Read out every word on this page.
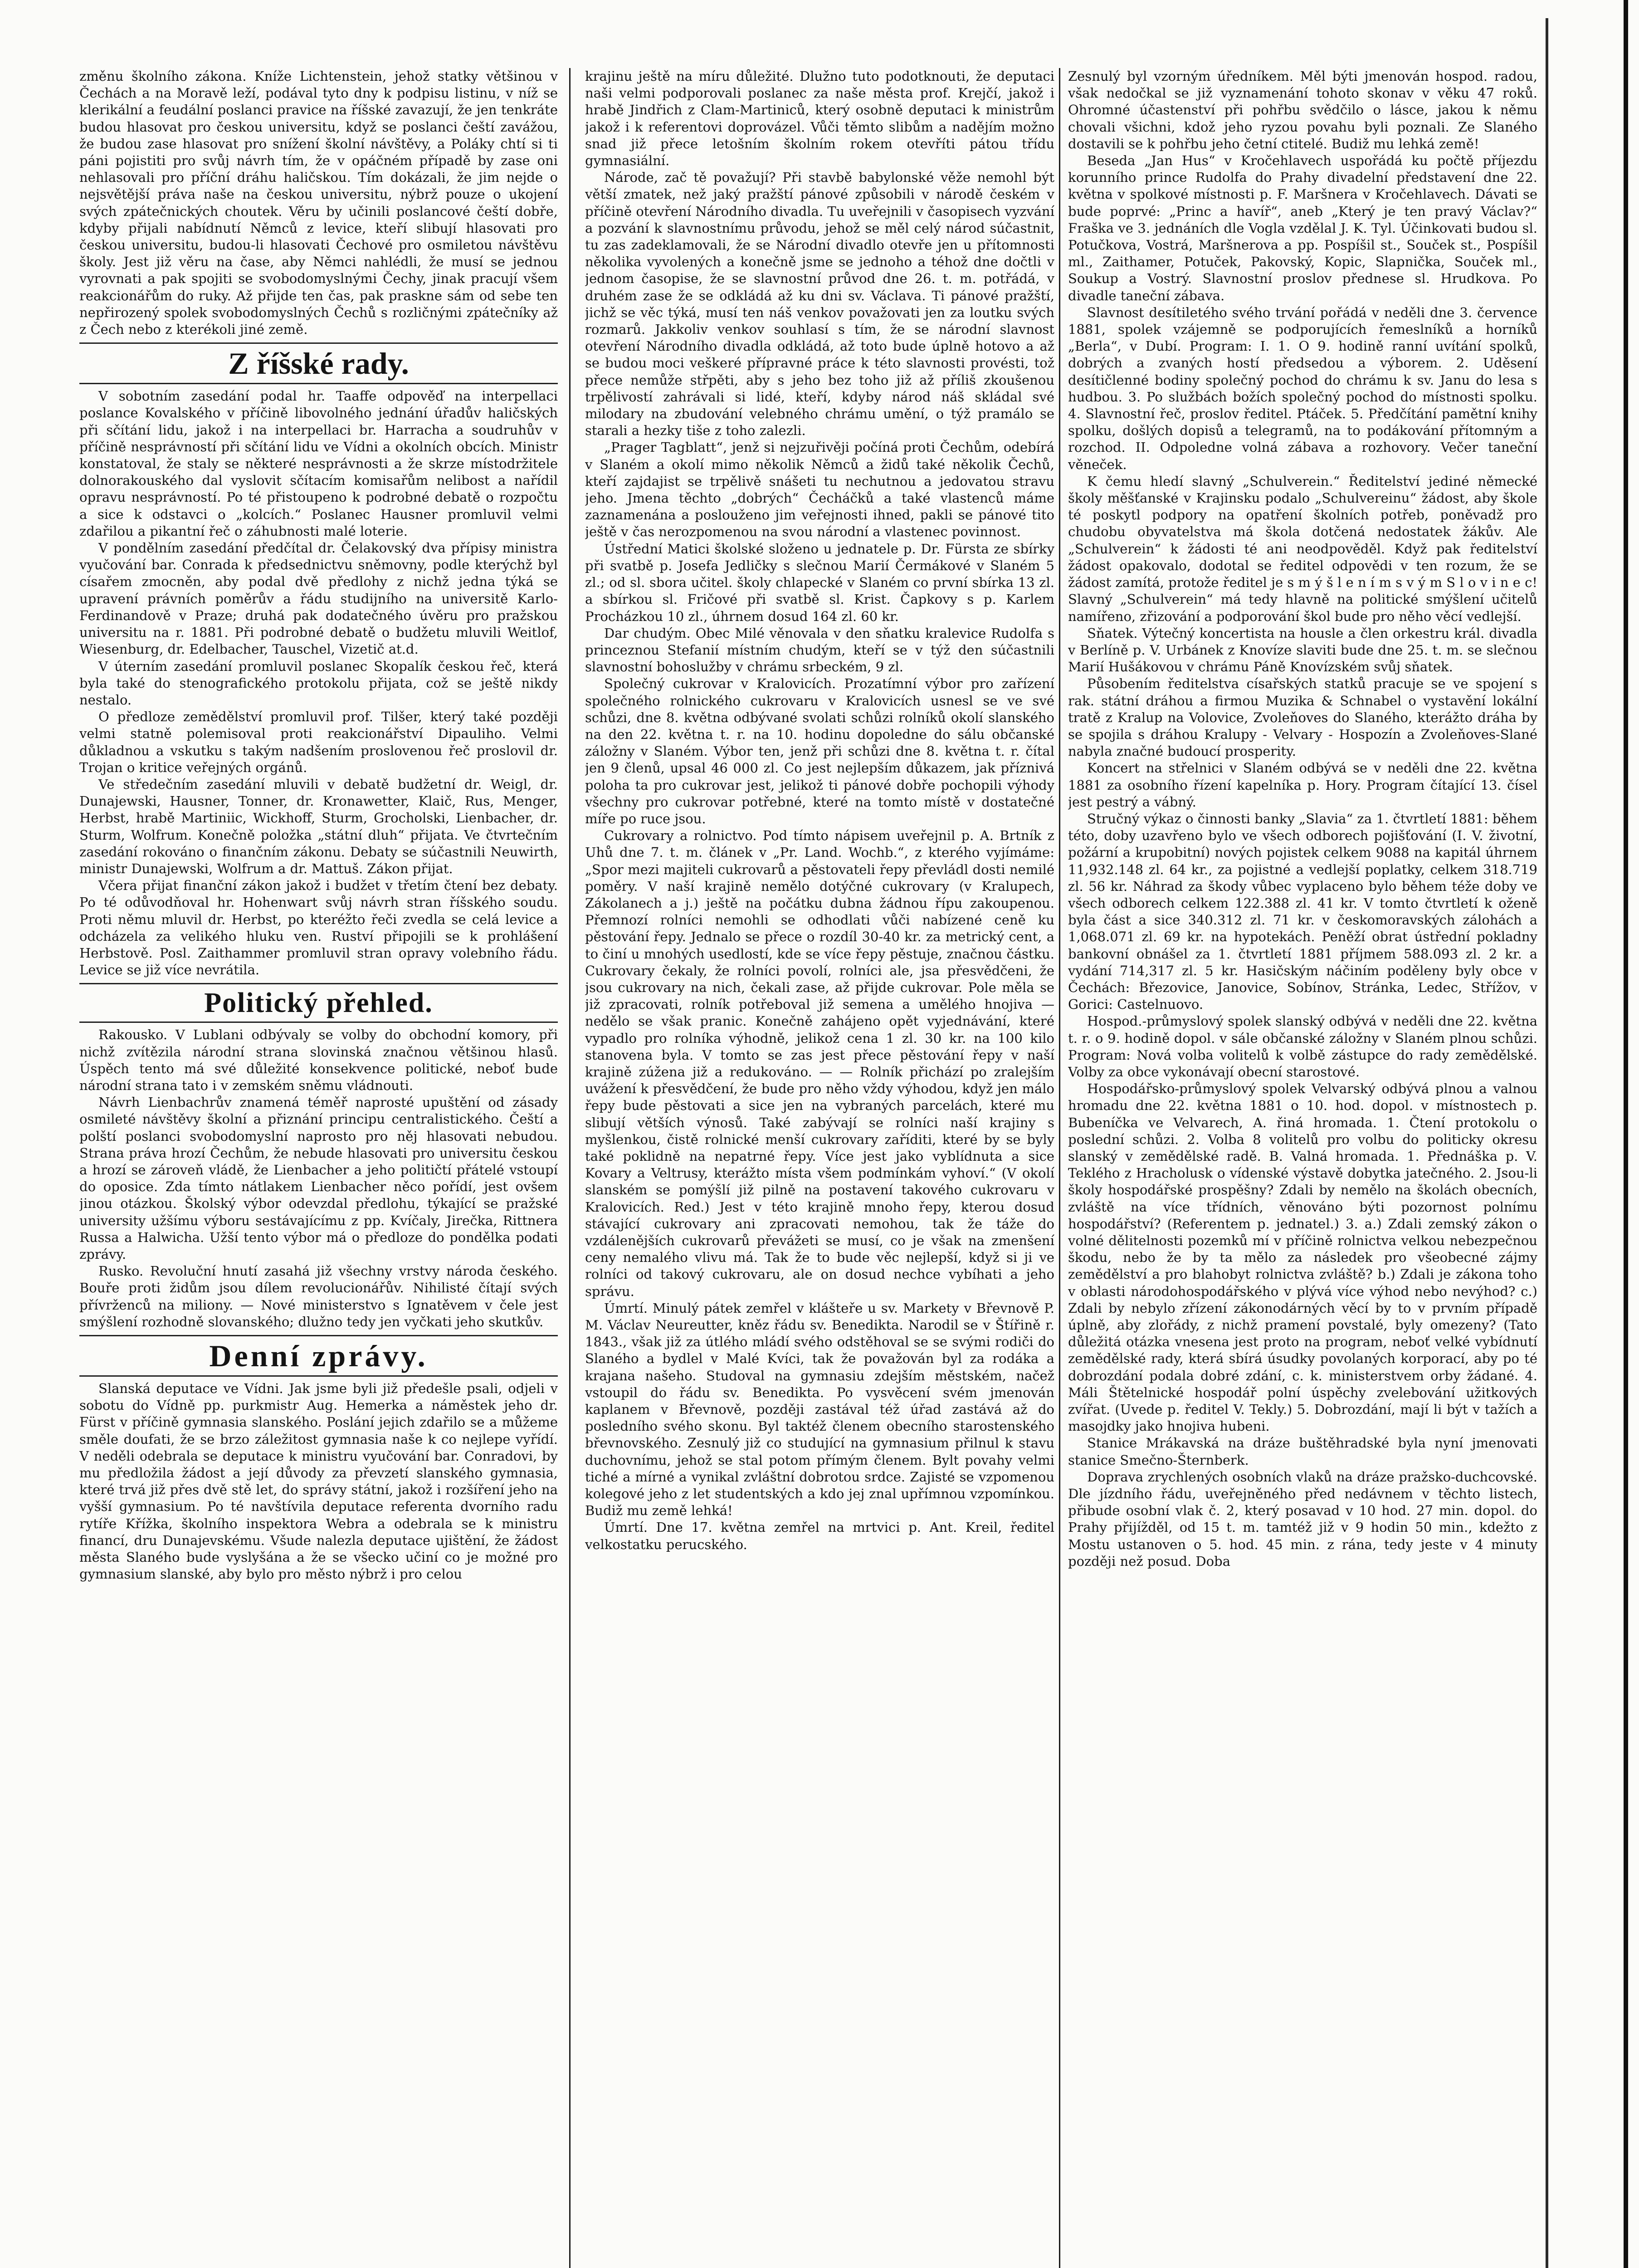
změnu školního zákona. Kníže Lichtenstein, jehož statky většinou v Čechách a na Moravě leží, podával tyto dny k podpisu listinu, v níž se klerikální a feudální poslanci pravice na říšské zavazují, že jen tenkráte budou hlasovat pro českou universitu, když se poslanci čeští zavážou, že budou zase hlasovat pro snížení školní návštěvy, a Poláky chtí si ti páni pojistiti pro svůj návrh tím, že v opáčném případě by zase oni nehlasovali pro příční dráhu haličskou. Tím dokázali, že jim nejde o nejsvětější práva naše na českou universitu, nýbrž pouze o ukojení svých zpátečnických choutek. Věru by učinili poslancové čeští dobře, kdyby přijali nabídnutí Němců z levice, kteří slibují hlasovati pro českou universitu, budou-li hlasovati Čechové pro osmiletou návštěvu školy. Jest již věru na čase, aby Němci nahlédli, že musí se jednou vyrovnati a pak spojiti se svobodomyslnými Čechy, jinak pracují všem reakcionářům do ruky. Až přijde ten čas, pak praskne sám od sebe ten nepřirozený spolek svobodomyslných Čechů s rozličnými zpátečníky až z Čech nebo z kterékoli jiné země.

Z říšské rady.

V sobotním zasedání podal hr. Taaffe odpověď na interpellaci poslance Kovalského v příčině libovolného jednání úřadův haličských při sčítání lidu, jakož i na interpellaci br. Harracha a soudruhův v příčině nesprávností při sčítání lidu ve Vídni a okolních obcích. Ministr konstatoval, že staly se některé nesprávnosti a že skrze místodržitele dolnorakouského dal vyslovit sčítacím komisařům nelibost a nařídil opravu nesprávností. Po té přistoupeno k podrobné debatě o rozpočtu a sice k odstavci o „kolcích.“ Poslanec Hausner promluvil velmi zdařilou a pikantní řeč o záhubnosti malé loterie.

V pondělním zasedání předčítal dr. Čelakovský dva přípisy ministra vyučování bar. Conrada k předsednictvu sněmovny, podle kterýchž byl císařem zmocněn, aby podal dvě předlohy z nichž jedna týká se upravení právních poměrův a řádu studijního na universitě Karlo-Ferdinandově v Praze; druhá pak dodatečného úvěru pro pražskou universitu na r. 1881. Při podrobné debatě o budžetu mluvili Weitlof, Wiesenburg, dr. Edelbacher, Tauschel, Vizetič at.d.

V úterním zasedání promluvil poslanec Skopalík českou řeč, která byla také do stenografického protokolu přijata, což se ještě nikdy nestalo.

O předloze zemědělství promluvil prof. Tilšer, který také později velmi statně polemisoval proti reakcionářství Dipauliho. Velmi důkladnou a vskutku s takým nadšením proslovenou řeč proslovil dr. Trojan o kritice veřejných orgánů.

Ve středečním zasedání mluvili v debatě budžetní dr. Weigl, dr. Dunajewski, Hausner, Tonner, dr. Kronawetter, Klaič, Rus, Menger, Herbst, hrabě Martiniic, Wickhoff, Sturm, Grocholski, Lienbacher, dr. Sturm, Wolfrum. Konečně položka „státní dluh“ přijata. Ve čtvrtečním zasedání rokováno o finančním zákonu. Debaty se súčastnili Neuwirth, ministr Dunajewski, Wolfrum a dr. Mattuš. Zákon přijat.

Včera přijat finanční zákon jakož i budžet v třetím čtení bez debaty. Po té odůvodňoval hr. Hohenwart svůj návrh stran říšského soudu. Proti němu mluvil dr. Herbst, po kteréžto řeči zvedla se celá levice a odcházela za velikého hluku ven. Ruství připojili se k prohlášení Herbstově. Posl. Zaithammer promluvil stran opravy volebního řádu. Levice se již více nevrátila.

Politický přehled.

Rakousko. V Lublani odbývaly se volby do obchodní komory, při nichž zvítězila národní strana slovinská značnou většinou hlasů. Úspěch tento má své důležité konsekvence politické, neboť bude národní strana tato i v zemském sněmu vládnouti.

Návrh Lienbachrův znamená téměř naprosté upuštění od zásady osmileté návštěvy školní a přiznání principu centralistického. Čeští a polští poslanci svobodomyslní naprosto pro něj hlasovati nebudou. Strana práva hrozí Čechům, že nebude hlasovati pro universitu českou a hrozí se zároveň vládě, že Lienbacher a jeho političtí přátelé vstoupí do oposice. Zda tímto nátlakem Lienbacher něco pořídí, jest ovšem jinou otázkou. Školský výbor odevzdal předlohu, týkající se pražské university užšímu výboru sestávajícímu z pp. Kvíčaly, Jirečka, Rittnera Russa a Halwicha. Užší tento výbor má o předloze do pondělka podati zprávy.

Rusko. Revoluční hnutí zasahá již všechny vrstvy národa českého. Bouře proti židům jsou dílem revolucionářův. Nihilisté čítají svých přívrženců na miliony. — Nové ministerstvo s Ignatěvem v čele jest smýšlení rozhodně slovanského; dlužno tedy jen vyčkati jeho skutkův.

Denní zprávy.

Slanská deputace ve Vídni. Jak jsme byli již předešle psali, odjeli v sobotu do Vídně pp. purkmistr Aug. Hemerka a náměstek jeho dr. Fürst v příčině gymnasia slanského. Poslání jejich zdařilo se a můžeme směle doufati, že se brzo záležitost gymnasia naše k co nejlepe vyřídí. V neděli odebrala se deputace k ministru vyučování bar. Conradovi, by mu předložila žádost a její důvody za převzetí slanského gymnasia, které trvá již přes dvě stě let, do správy státní, jakož i rozšíření jeho na vyšší gymnasium. Po té navštívila deputace referenta dvorního radu rytíře Křížka, školního inspektora Webra a odebrala se k ministru financí, dru Dunajevskému. Všude nalezla deputace ujištění, že žádost města Slaného bude vyslyšána a že se všecko učiní co je možné pro gymnasium slanské, aby bylo pro město nýbrž i pro celou

krajinu ještě na míru důležité. Dlužno tuto podotknouti, že deputaci naši velmi podporovali poslanec za naše města prof. Krejčí, jakož i hrabě Jindřich z Clam-Martiniců, který osobně deputaci k ministrům jakož i k referentovi doprovázel. Vůči těmto slibům a nadějím možno snad již přece letošním školním rokem otevříti pátou třídu gymnasiální.

Národe, zač tě považují? Při stavbě babylonské věže nemohl být větší zmatek, než jaký pražští pánové způsobili v národě českém v příčině otevření Národního divadla. Tu uveřejnili v časopisech vyzvání a pozvání k slavnostnímu průvodu, jehož se měl celý národ súčastnit, tu zas zadeklamovali, že se Národní divadlo otevře jen u přítomnosti několika vyvolených a konečně jsme se jednoho a téhož dne dočtli v jednom časopise, že se slavnostní průvod dne 26. t. m. potřádá, v druhém zase že se odkládá až ku dni sv. Václava. Ti pánové pražští, jichž se věc týká, musí ten náš venkov považovati jen za loutku svých rozmarů. Jakkoliv venkov souhlasí s tím, že se národní slavnost otevření Národního divadla odkládá, až toto bude úplně hotovo a až se budou moci veškeré přípravné práce k této slavnosti provésti, tož přece nemůže střpěti, aby s jeho bez toho již až příliš zkoušenou trpělivostí zahrávali si lidé, kteří, kdyby národ náš skládal své milodary na zbudování velebného chrámu umění, o týž pramálo se starali a hezky tiše z toho zalezli.

„Prager Tagblatt“, jenž si nejzuřivěji počíná proti Čechům, odebírá v Slaném a okolí mimo několik Němců a židů také několik Čechů, kteří zajdajist se trpělivě snášeti tu nechutnou a jedovatou stravu jeho. Jmena těchto „dobrých“ Čecháčků a také vlastenců máme zaznamenána a poslouženo jim veřejnosti ihned, pakli se pánové tito ještě v čas nerozpomenou na svou národní a vlastenec povinnost.

Ústřední Matici školské složeno u jednatele p. Dr. Fürsta ze sbírky při svatbě p. Josefa Jedličky s slečnou Marií Čermákové v Slaném 5 zl.; od sl. sbora učitel. školy chlapecké v Slaném co první sbírka 13 zl. a sbírkou sl. Fričové při svatbě sl. Krist. Čapkovy s p. Karlem Procházkou 10 zl., úhrnem dosud 164 zl. 60 kr.

Dar chudým. Obec Milé věnovala v den sňatku kralevice Rudolfa s princeznou Stefanií místním chudým, kteří se v týž den súčastnili slavnostní bohoslužby v chrámu srbeckém, 9 zl.

Společný cukrovar v Kralovicích. Prozatímní výbor pro zařízení společného rolnického cukrovaru v Kralovicích usnesl se ve své schůzi, dne 8. května odbývané svolati schůzi rolníků okolí slanského na den 22. května t. r. na 10. hodinu dopoledne do sálu občanské záložny v Slaném. Výbor ten, jenž při schůzi dne 8. května t. r. čítal jen 9 členů, upsal 46 000 zl. Co jest nejlepším důkazem, jak příznivá poloha ta pro cukrovar jest, jelikož ti pánové dobře pochopili výhody všechny pro cukrovar potřebné, které na tomto místě v dostatečné míře po ruce jsou.

Cukrovary a rolnictvo. Pod tímto nápisem uveřejnil p. A. Brtník z Uhů dne 7. t. m. článek v „Pr. Land. Wochb.“, z kterého vyjímáme: „Spor mezi majiteli cukrovarů a pěstovateli řepy převládl dosti nemilé poměry. V naší krajině nemělo dotýčné cukrovary (v Kralupech, Zákolanech a j.) ještě na počátku dubna žádnou řípu zakoupenou. Přemnozí rolníci nemohli se odhodlati vůči nabízené ceně ku pěstování řepy. Jednalo se přece o rozdíl 30-40 kr. za metrický cent, a to činí u mnohých usedlostí, kde se více řepy pěstuje, značnou částku. Cukrovary čekaly, že rolníci povolí, rolníci ale, jsa přesvědčeni, že jsou cukrovary na nich, čekali zase, až přijde cukrovar. Pole měla se již zpracovati, rolník potřeboval již semena a umělého hnojiva — nedělo se však pranic. Konečně zahájeno opět vyjednávání, které vypadlo pro rolníka výhodně, jelikož cena 1 zl. 30 kr. na 100 kilo stanovena byla. V tomto se zas jest přece pěstování řepy v naší krajině zúžena již a redukováno. — — Rolník přichází po zralejším uvážení k přesvědčení, že bude pro něho vždy výhodou, když jen málo řepy bude pěstovati a sice jen na vybraných parcelách, které mu slibují větších výnosů. Také zabývají se rolníci naší krajiny s myšlenkou, čistě rolnické menší cukrovary zaříditi, které by se byly také poklidně na nepatrné řepy. Více jest jako vyblídnuta a sice Kovary a Veltrusy, kterážto místa všem podmínkám vyhoví.“ (V okolí slanském se pomýšlí již pilně na postavení takového cukrovaru v Kralovicích. Red.) Jest v této krajině mnoho řepy, kterou dosud stávající cukrovary ani zpracovati nemohou, tak že táže do vzdálenějších cukrovarů převážeti se musí, co je však na zmenšení ceny nemalého vlivu má. Tak že to bude věc nejlepší, když si ji ve rolníci od takový cukrovaru, ale on dosud nechce vybíhati a jeho správu.

Úmrtí. Minulý pátek zemřel v klášteře u sv. Markety v Břevnově P. M. Václav Neureutter, kněz řádu sv. Benedikta. Narodil se v Štířině r. 1843., však již za útlého mládí svého odstěhoval se se svými rodiči do Slaného a bydlel v Malé Kvíci, tak že považován byl za rodáka a krajana našeho. Studoval na gymnasiu zdejším městském, načež vstoupil do řádu sv. Benedikta. Po vysvěcení svém jmenován kaplanem v Břevnově, později zastával též úřad zastává až do posledního svého skonu. Byl taktéž členem obecního starostenského břevnovského. Zesnulý již co studující na gymnasium přilnul k stavu duchovnímu, jehož se stal potom přímým členem. Bylt povahy velmi tiché a mírné a vynikal zvláštní dobrotou srdce. Zajisté se vzpomenou kolegové jeho z let studentských a kdo jej znal upřímnou vzpomínkou. Budiž mu země lehká!

Úmrtí. Dne 17. května zemřel na mrtvici p. Ant. Kreil, ředitel velkostatku perucského.

Zesnulý byl vzorným úředníkem. Měl býti jmenován hospod. radou, však nedočkal se již vyznamenání tohoto skonav v věku 47 roků. Ohromné účastenství při pohřbu svědčilo o lásce, jakou k němu chovali všichni, kdož jeho ryzou povahu byli poznali. Ze Slaného dostavili se k pohřbu jeho četní ctitelé. Budiž mu lehká země!

Beseda „Jan Hus“ v Kročehlavech uspořádá ku počtě příjezdu korunního prince Rudolfa do Prahy divadelní představení dne 22. května v spolkové místnosti p. F. Maršnera v Kročehlavech. Dávati se bude poprvé: „Princ a havíř“, aneb „Který je ten pravý Václav?“ Fraška ve 3. jednáních dle Vogla vzdělal J. K. Tyl. Účinkovati budou sl. Potučkova, Vostrá, Maršnerova a pp. Pospíšil st., Souček st., Pospíšil ml., Zaithamer, Potuček, Pakovský, Kopic, Slapnička, Souček ml., Soukup a Vostrý. Slavnostní proslov přednese sl. Hrudkova. Po divadle taneční zábava.

Slavnost desítiletého svého trvání pořádá v neděli dne 3. července 1881, spolek vzájemně se podporujících řemeslníků a horníků „Berla“, v Dubí. Program: I. 1. O 9. hodině ranní uvítání spolků, dobrých a zvaných hostí předsedou a výborem. 2. Uděsení desítičlenné bodiny společný pochod do chrámu k sv. Janu do lesa s hudbou. 3. Po službách božích společný pochod do místnosti spolku. 4. Slavnostní řeč, proslov ředitel. Ptáček. 5. Předčítání pamětní knihy spolku, došlých dopisů a telegramů, na to podákování přítomným a rozchod. II. Odpoledne volná zábava a rozhovory. Večer taneční věneček.

K čemu hledí slavný „Schulverein.“ Ředitelství jediné německé školy měšťanské v Krajinsku podalo „Schulvereinu“ žádost, aby škole té poskytl podpory na opatření školních potřeb, poněvadž pro chudobu obyvatelstva má škola dotčená nedostatek žákův. Ale „Schulverein“ k žádosti té ani neodpověděl. Když pak ředitelství žádost opakovalo, dodotal se ředitel odpovědi v ten rozum, že se žádost zamítá, protože ředitel je s m ý š l e n í m s v ý m S l o v i n e c! Slavný „Schulverein“ má tedy hlavně na politické smýšlení učitelů namířeno, zřizování a podporování škol bude pro něho věcí vedlejší.

Sňatek. Výtečný koncertista na housle a člen orkestru král. divadla v Berlíně p. V. Urbánek z Knovíze slaviti bude dne 25. t. m. se slečnou Marií Hušákovou v chrámu Páně Knovízském svůj sňatek.

Působením ředitelstva císařských statků pracuje se ve spojení s rak. státní dráhou a firmou Muzika & Schnabel o vystavění lokální tratě z Kralup na Volovice, Zvoleňoves do Slaného, kterážto dráha by se spojila s dráhou Kralupy - Velvary - Hospozín a Zvoleňoves-Slané nabyla značné budoucí prosperity.

Koncert na střelnici v Slaném odbývá se v neděli dne 22. května 1881 za osobního řízení kapelníka p. Hory. Program čítající 13. čísel jest pestrý a vábný.

Stručný výkaz o činnosti banky „Slavia“ za 1. čtvrtletí 1881: během této, doby uzavřeno bylo ve všech odborech pojišťování (I. V. životní, požární a krupobitní) nových pojistek celkem 9088 na kapitál úhrnem 11,932.148 zl. 64 kr., za pojistné a vedlejší poplatky, celkem 318.719 zl. 56 kr. Náhrad za škody vůbec vyplaceno bylo během téže doby ve všech odborech celkem 122.388 zl. 41 kr. V tomto čtvrtletí k oženě byla část a sice 340.312 zl. 71 kr. v českomoravských zálohách a 1,068.071 zl. 69 kr. na hypotekách. Peněží obrat ústřední pokladny bankovní obnášel za 1. čtvrtletí 1881 příjmem 588.093 zl. 2 kr. a vydání 714,317 zl. 5 kr. Hasičským náčiním poděleny byly obce v Čechách: Březovice, Janovice, Sobínov, Stránka, Ledec, Střížov, v Gorici: Castelnuovo.

Hospod.-průmyslový spolek slanský odbývá v neděli dne 22. května t. r. o 9. hodině dopol. v sále občanské záložny v Slaném plnou schůzi. Program: Nová volba volitelů k volbě zástupce do rady zemědělské. Volby za obce vykonávají obecní starostové.

Hospodářsko-průmyslový spolek Velvarský odbývá plnou a valnou hromadu dne 22. května 1881 o 10. hod. dopol. v místnostech p. Bubeníčka ve Velvarech, A. řiná hromada. 1. Čtení protokolu o poslední schůzi. 2. Volba 8 volitelů pro volbu do politicky okresu slanský v zemědělské radě. B. Valná hromada. 1. Přednáška p. V. Teklého z Hracholusk o vídenské výstavě dobytka jatečného. 2. Jsou-li školy hospodářské prospěšny? Zdali by nemělo na školách obecních, zvláště na více třídních, věnováno býti pozornost polnímu hospodářství? (Referentem p. jednatel.) 3. a.) Zdali zemský zákon o volné dělitelnosti pozemků mí v příčině rolnictva velkou nebezpečnou škodu, nebo že by ta mělo za následek pro všeobecné zájmy zemědělství a pro blahobyt rolnictva zvláště? b.) Zdali je zákona toho v oblasti národohospodářského v plývá více výhod nebo nevýhod? c.) Zdali by nebylo zřízení zákonodárných věcí by to v prvním případě úplně, aby zlořády, z nichž pramení povstalé, byly omezeny? (Tato důležitá otázka vnesena jest proto na program, neboť velké vybídnutí zemědělské rady, která sbírá úsudky povolaných korporací, aby po té dobrozdání podala dobré zdání, c. k. ministerstvem orby žádané. 4. Máli Štětelnické hospodář polní úspěchy zvelebování užitkových zvířat. (Uvede p. ředitel V. Tekly.) 5. Dobrozdání, mají li být v tažích a masojdky jako hnojiva hubeni.

Stanice Mrákavská na dráze buštěhradské byla nyní jmenovati stanice Smečno-Šternberk.

Doprava zrychlených osobních vlaků na dráze pražsko-duchcovské. Dle jízdního řádu, uveřejněného před nedávnem v těchto listech, přibude osobní vlak č. 2, který posavad v 10 hod. 27 min. dopol. do Prahy přijížděl, od 15 t. m. tamtéž již v 9 hodin 50 min., kdežto z Mostu ustanoven o 5. hod. 45 min. z rána, tedy jeste v 4 minuty později než posud. Doba
